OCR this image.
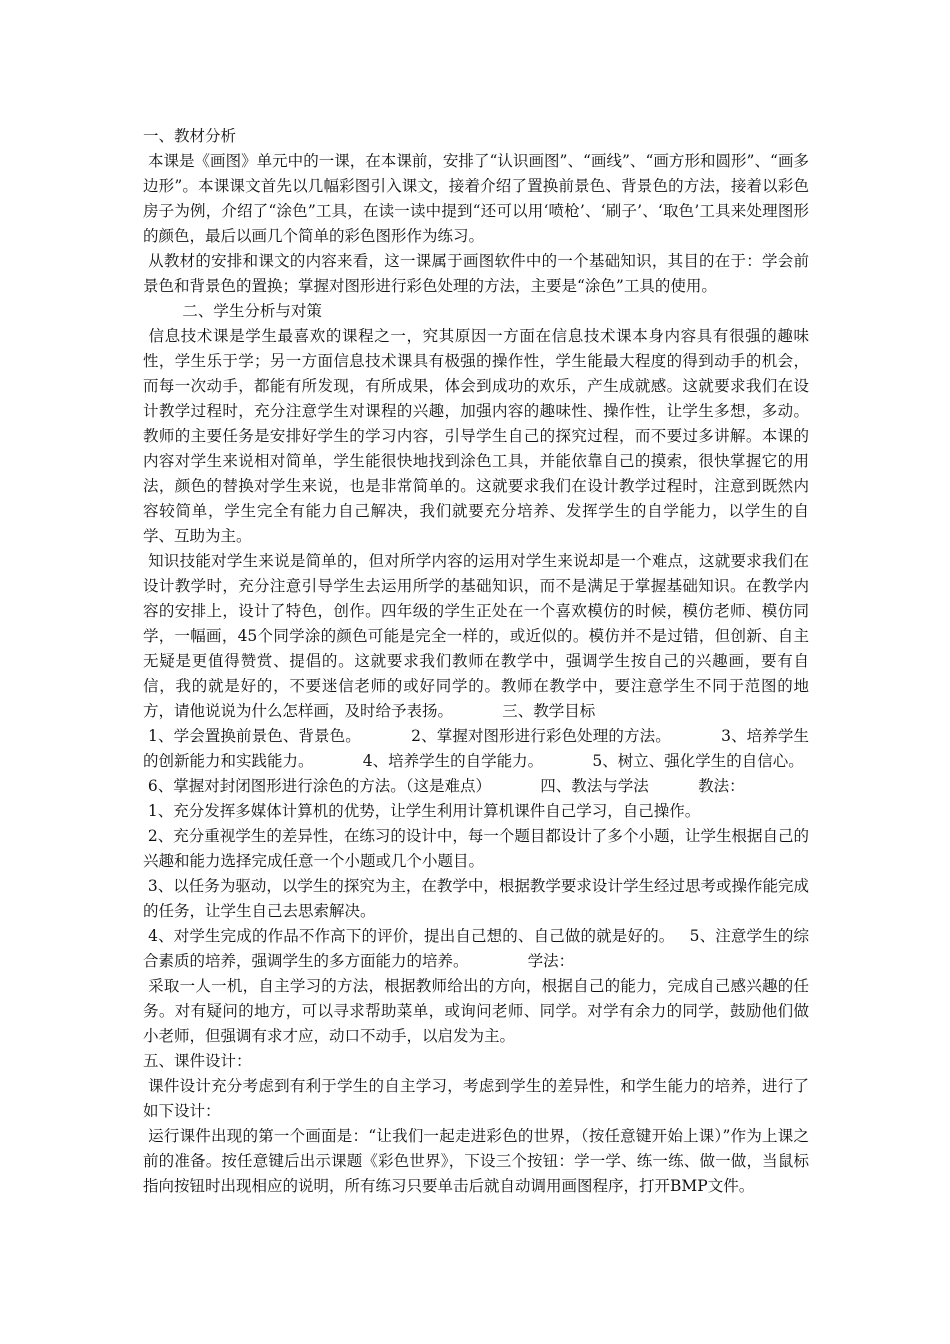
一、教材分析

本课是《画图》单元中的一课，在本课前，安排了“认识画图”、“画线”、“画方形和圆形”、“画多边形”。本课课文首先以几幅彩图引入课文，接着介绍了置换前景色、背景色的方法，接着以彩色房子为例，介绍了“涂色”工具，在读一读中提到“还可以用‘喷枪’、‘刷子’、‘取色’工具来处理图形的颜色，最后以画几个简单的彩色图形作为练习。

从教材的安排和课文的内容来看，这一课属于画图软件中的一个基础知识，其目的在于：学会前景色和背景色的置换；掌握对图形进行彩色处理的方法，主要是“涂色”工具的使用。

二、学生分析与对策

信息技术课是学生最喜欢的课程之一，究其原因一方面在信息技术课本身内容具有很强的趣味性，学生乐于学；另一方面信息技术课具有极强的操作性，学生能最大程度的得到动手的机会，而每一次动手，都能有所发现，有所成果，体会到成功的欢乐，产生成就感。这就要求我们在设计教学过程时，充分注意学生对课程的兴趣，加强内容的趣味性、操作性，让学生多想，多动。教师的主要任务是安排好学生的学习内容，引导学生自己的探究过程，而不要过多讲解。本课的内容对学生来说相对简单，学生能很快地找到涂色工具，并能依靠自己的摸索，很快掌握它的用法，颜色的替换对学生来说，也是非常简单的。这就要求我们在设计教学过程时，注意到既然内容较简单，学生完全有能力自己解决，我们就要充分培养、发挥学生的自学能力，以学生的自学、互助为主。

知识技能对学生来说是简单的，但对所学内容的运用对学生来说却是一个难点，这就要求我们在设计教学时，充分注意引导学生去运用所学的基础知识，而不是满足于掌握基础知识。在教学内容的安排上，设计了特色，创作。四年级的学生正处在一个喜欢模仿的时候，模仿老师、模仿同学，一幅画，45个同学涂的颜色可能是完全一样的，或近似的。模仿并不是过错，但创新、自主无疑是更值得赞赏、提倡的。这就要求我们教师在教学中，强调学生按自己的兴趣画，要有自信，我的就是好的，不要迷信老师的或好同学的。教师在教学中，要注意学生不同于范图的地方，请他说说为什么怎样画，及时给予表扬。          三、教学目标

1、学会置换前景色、背景色。          2、掌握对图形进行彩色处理的方法。          3、培养学生的创新能力和实践能力。          4、培养学生的自学能力。          5、树立、强化学生的自信心。

6、掌握对封闭图形进行涂色的方法。（这是难点）          四、教法与学法          教法：

1、充分发挥多媒体计算机的优势，让学生利用计算机课件自己学习，自己操作。

2、充分重视学生的差异性，在练习的设计中，每一个题目都设计了多个小题，让学生根据自己的兴趣和能力选择完成任意一个小题或几个小题目。

3、以任务为驱动，以学生的探究为主，在教学中，根据教学要求设计学生经过思考或操作能完成的任务，让学生自己去思索解决。

4、对学生完成的作品不作高下的评价，提出自己想的、自己做的就是好的。   5、注意学生的综合素质的培养，强调学生的多方面能力的培养。            学法：

采取一人一机，自主学习的方法，根据教师给出的方向，根据自己的能力，完成自己感兴趣的任务。对有疑问的地方，可以寻求帮助菜单，或询问老师、同学。对学有余力的同学，鼓励他们做小老师，但强调有求才应，动口不动手，以启发为主。

五、课件设计：

课件设计充分考虑到有利于学生的自主学习，考虑到学生的差异性，和学生能力的培养，进行了如下设计：

运行课件出现的第一个画面是：“让我们一起走进彩色的世界，（按任意键开始上课）”作为上课之前的准备。按任意键后出示课题《彩色世界》，下设三个按钮：学一学、练一练、做一做，当鼠标指向按钮时出现相应的说明，所有练习只要单击后就自动调用画图程序，打开BMP文件。
